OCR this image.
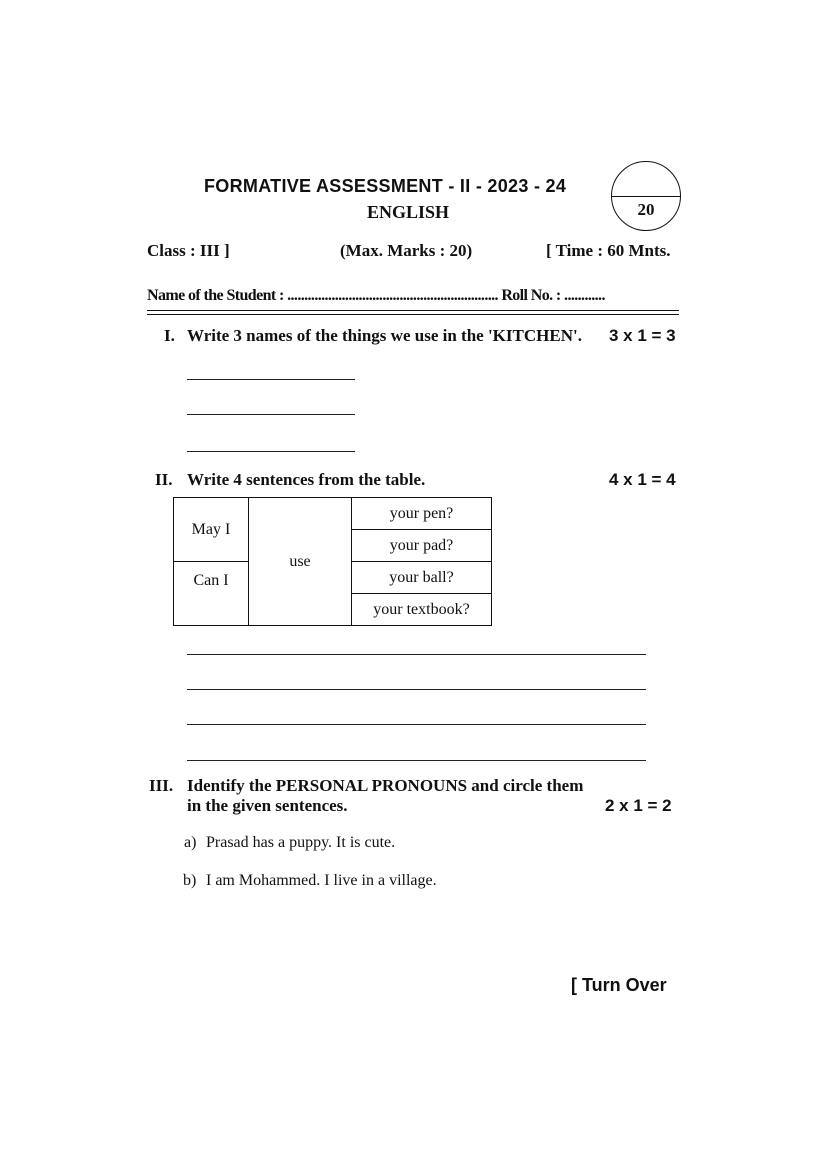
FORMATIVE ASSESSMENT - II - 2023 - 24
ENGLISH	20
Class : III ]	(Max. Marks : 20)	[ Time : 60 Mnts.
Name of the Student : .............................................................. Roll No. : ............
I. Write 3 names of the things we use in the 'KITCHEN'. 3 x 1 = 3
II. Write 4 sentences from the table.	4 x 1 = 4
May I	use	your pen?
		your pad?
Can I		your ball?
		your textbook?
III. Identify the PERSONAL PRONOUNS and circle them
in the given sentences.	2 x 1 = 2
a) Prasad has a puppy. It is cute.
b) I am Mohammed. I live in a village.
[ Turn Over
